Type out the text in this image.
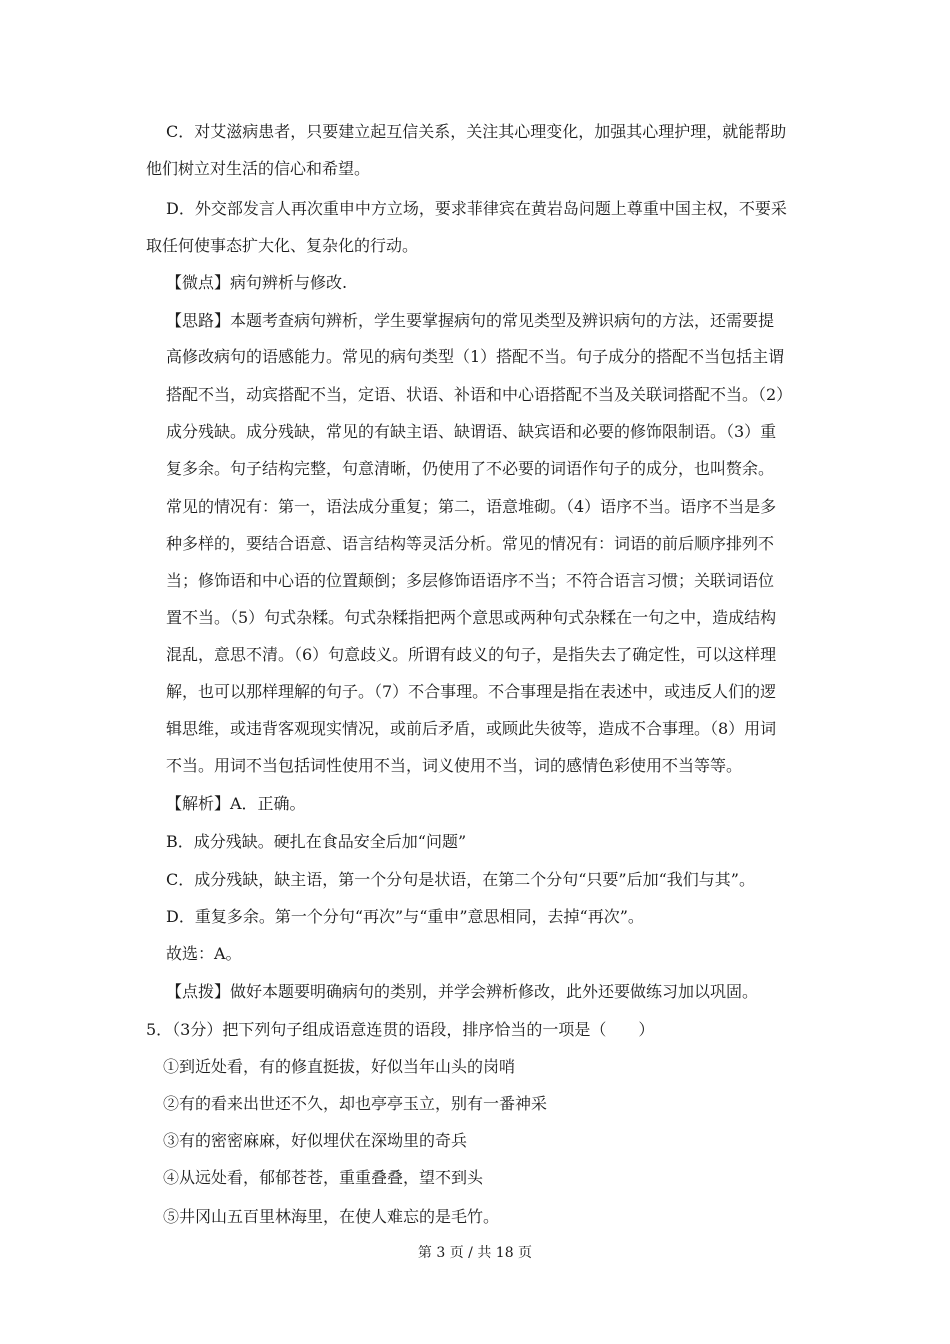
C．对艾滋病患者，只要建立起互信关系，关注其心理变化，加强其心理护理，就能帮助
他们树立对生活的信心和希望。
D．外交部发言人再次重申中方立场，要求菲律宾在黄岩岛问题上尊重中国主权，不要采
取任何使事态扩大化、复杂化的行动。
【微点】病句辨析与修改.
【思路】本题考查病句辨析，学生要掌握病句的常见类型及辨识病句的方法，还需要提
高修改病句的语感能力。常见的病句类型（1）搭配不当。句子成分的搭配不当包括主谓
搭配不当，动宾搭配不当，定语、状语、补语和中心语搭配不当及关联词搭配不当。（2）
成分残缺。成分残缺，常见的有缺主语、缺谓语、缺宾语和必要的修饰限制语。（3）重
复多余。句子结构完整，句意清晰，仍使用了不必要的词语作句子的成分，也叫赘余。
常见的情况有：第一，语法成分重复；第二，语意堆砌。（4）语序不当。语序不当是多
种多样的，要结合语意、语言结构等灵活分析。常见的情况有：词语的前后顺序排列不
当；修饰语和中心语的位置颠倒；多层修饰语语序不当；不符合语言习惯；关联词语位
置不当。（5）句式杂糅。句式杂糅指把两个意思或两种句式杂糅在一句之中，造成结构
混乱，意思不清。（6）句意歧义。所谓有歧义的句子，是指失去了确定性，可以这样理
解，也可以那样理解的句子。（7）不合事理。不合事理是指在表述中，或违反人们的逻
辑思维，或违背客观现实情况，或前后矛盾，或顾此失彼等，造成不合事理。（8）用词
不当。用词不当包括词性使用不当，词义使用不当，词的感情色彩使用不当等等。
【解析】A．正确。
B．成分残缺。硬扎在食品安全后加“问题”
C．成分残缺，缺主语，第一个分句是状语，在第二个分句“只要”后加“我们与其”。
D．重复多余。第一个分句“再次”与“重申”意思相同，去掉“再次”。
故选：A。
【点拨】做好本题要明确病句的类别，并学会辨析修改，此外还要做练习加以巩固。
5．（3分）把下列句子组成语意连贯的语段，排序恰当的一项是（　　）
①到近处看，有的修直挺拔，好似当年山头的岗哨
②有的看来出世还不久，却也亭亭玉立，别有一番神采
③有的密密麻麻，好似埋伏在深坳里的奇兵
④从远处看，郁郁苍苍，重重叠叠，望不到头
⑤井冈山五百里林海里，在使人难忘的是毛竹。
第 3 页 / 共 18 页
